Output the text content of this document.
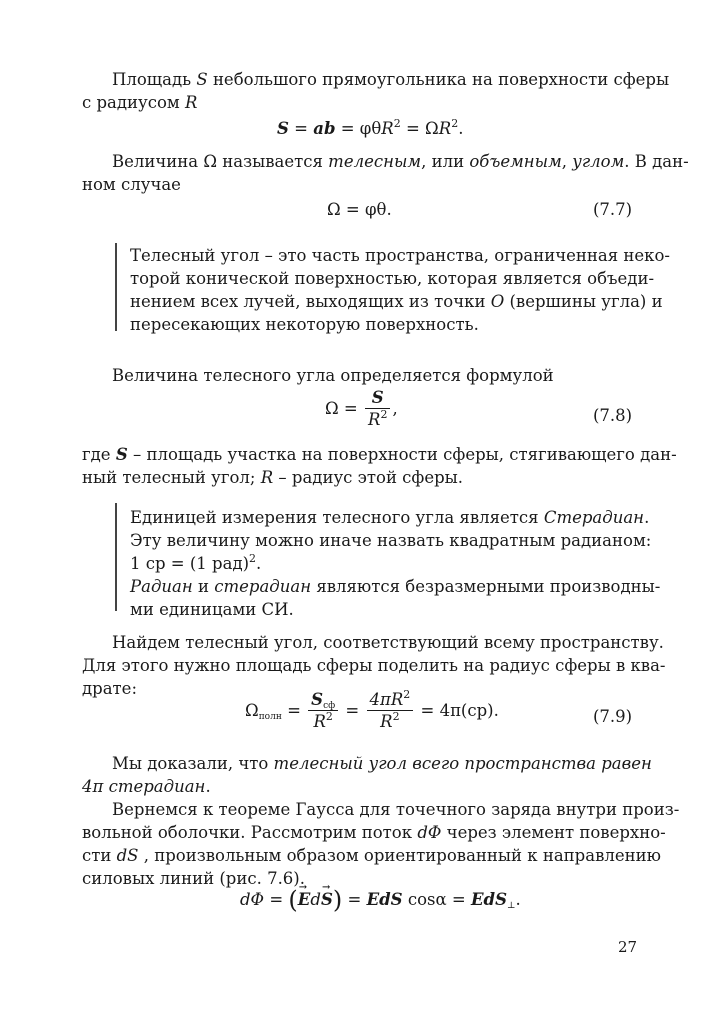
Площадь S небольшого прямоугольника на поверхности сферы
с радиусом R
S = ab = $\varphi\theta R^2 = \Omega R^2$.
Величина Ω называется телесным, или объемным, углом. В дан-
ном случае
Ω = φθ.	(7.7)
Телесный угол – это часть пространства, ограниченная неко-
торой конической поверхностью, которая является объеди-
нением всех лучей, выходящих из точки O (вершины угла) и
пересекающих некоторую поверхность.
Величина телесного угла определяется формулой
$\Omega = \frac{S}{R^2}$ ,	(7.8)
где S – площадь участка на поверхности сферы, стягивающего дан-
ный телесный угол; R – радиус этой сферы.
Единицей измерения телесного угла является Стерадиан.
Эту величину можно иначе назвать квадратным радианом:
1 ср = (1 рад)$^2$.
Радиан и стерадиан являются безразмерными производны-
ми единицами СИ.
Найдем телесный угол, соответствующий всему пространству.
Для этого нужно площадь сферы поделить на радиус сферы в ква-
драте:
$\Omega_{полн} = \frac{S_{сф}}{R^2} = \frac{4\pi R^2}{R^2} = 4\pi(ср)$.	(7.9)
Мы доказали, что телесный угол всего пространства равен
4π стерадиан.
Вернемся к теореме Гаусса для точечного заряда внутри произ-
вольной оболочки. Рассмотрим поток dΦ через элемент поверхно-
сти dS , произвольным образом ориентированный к направлению
силовых линий (рис. 7.6).
dΦ = (→ Ed→ S) = EdS cosα = EdS$_\perp$.
27
